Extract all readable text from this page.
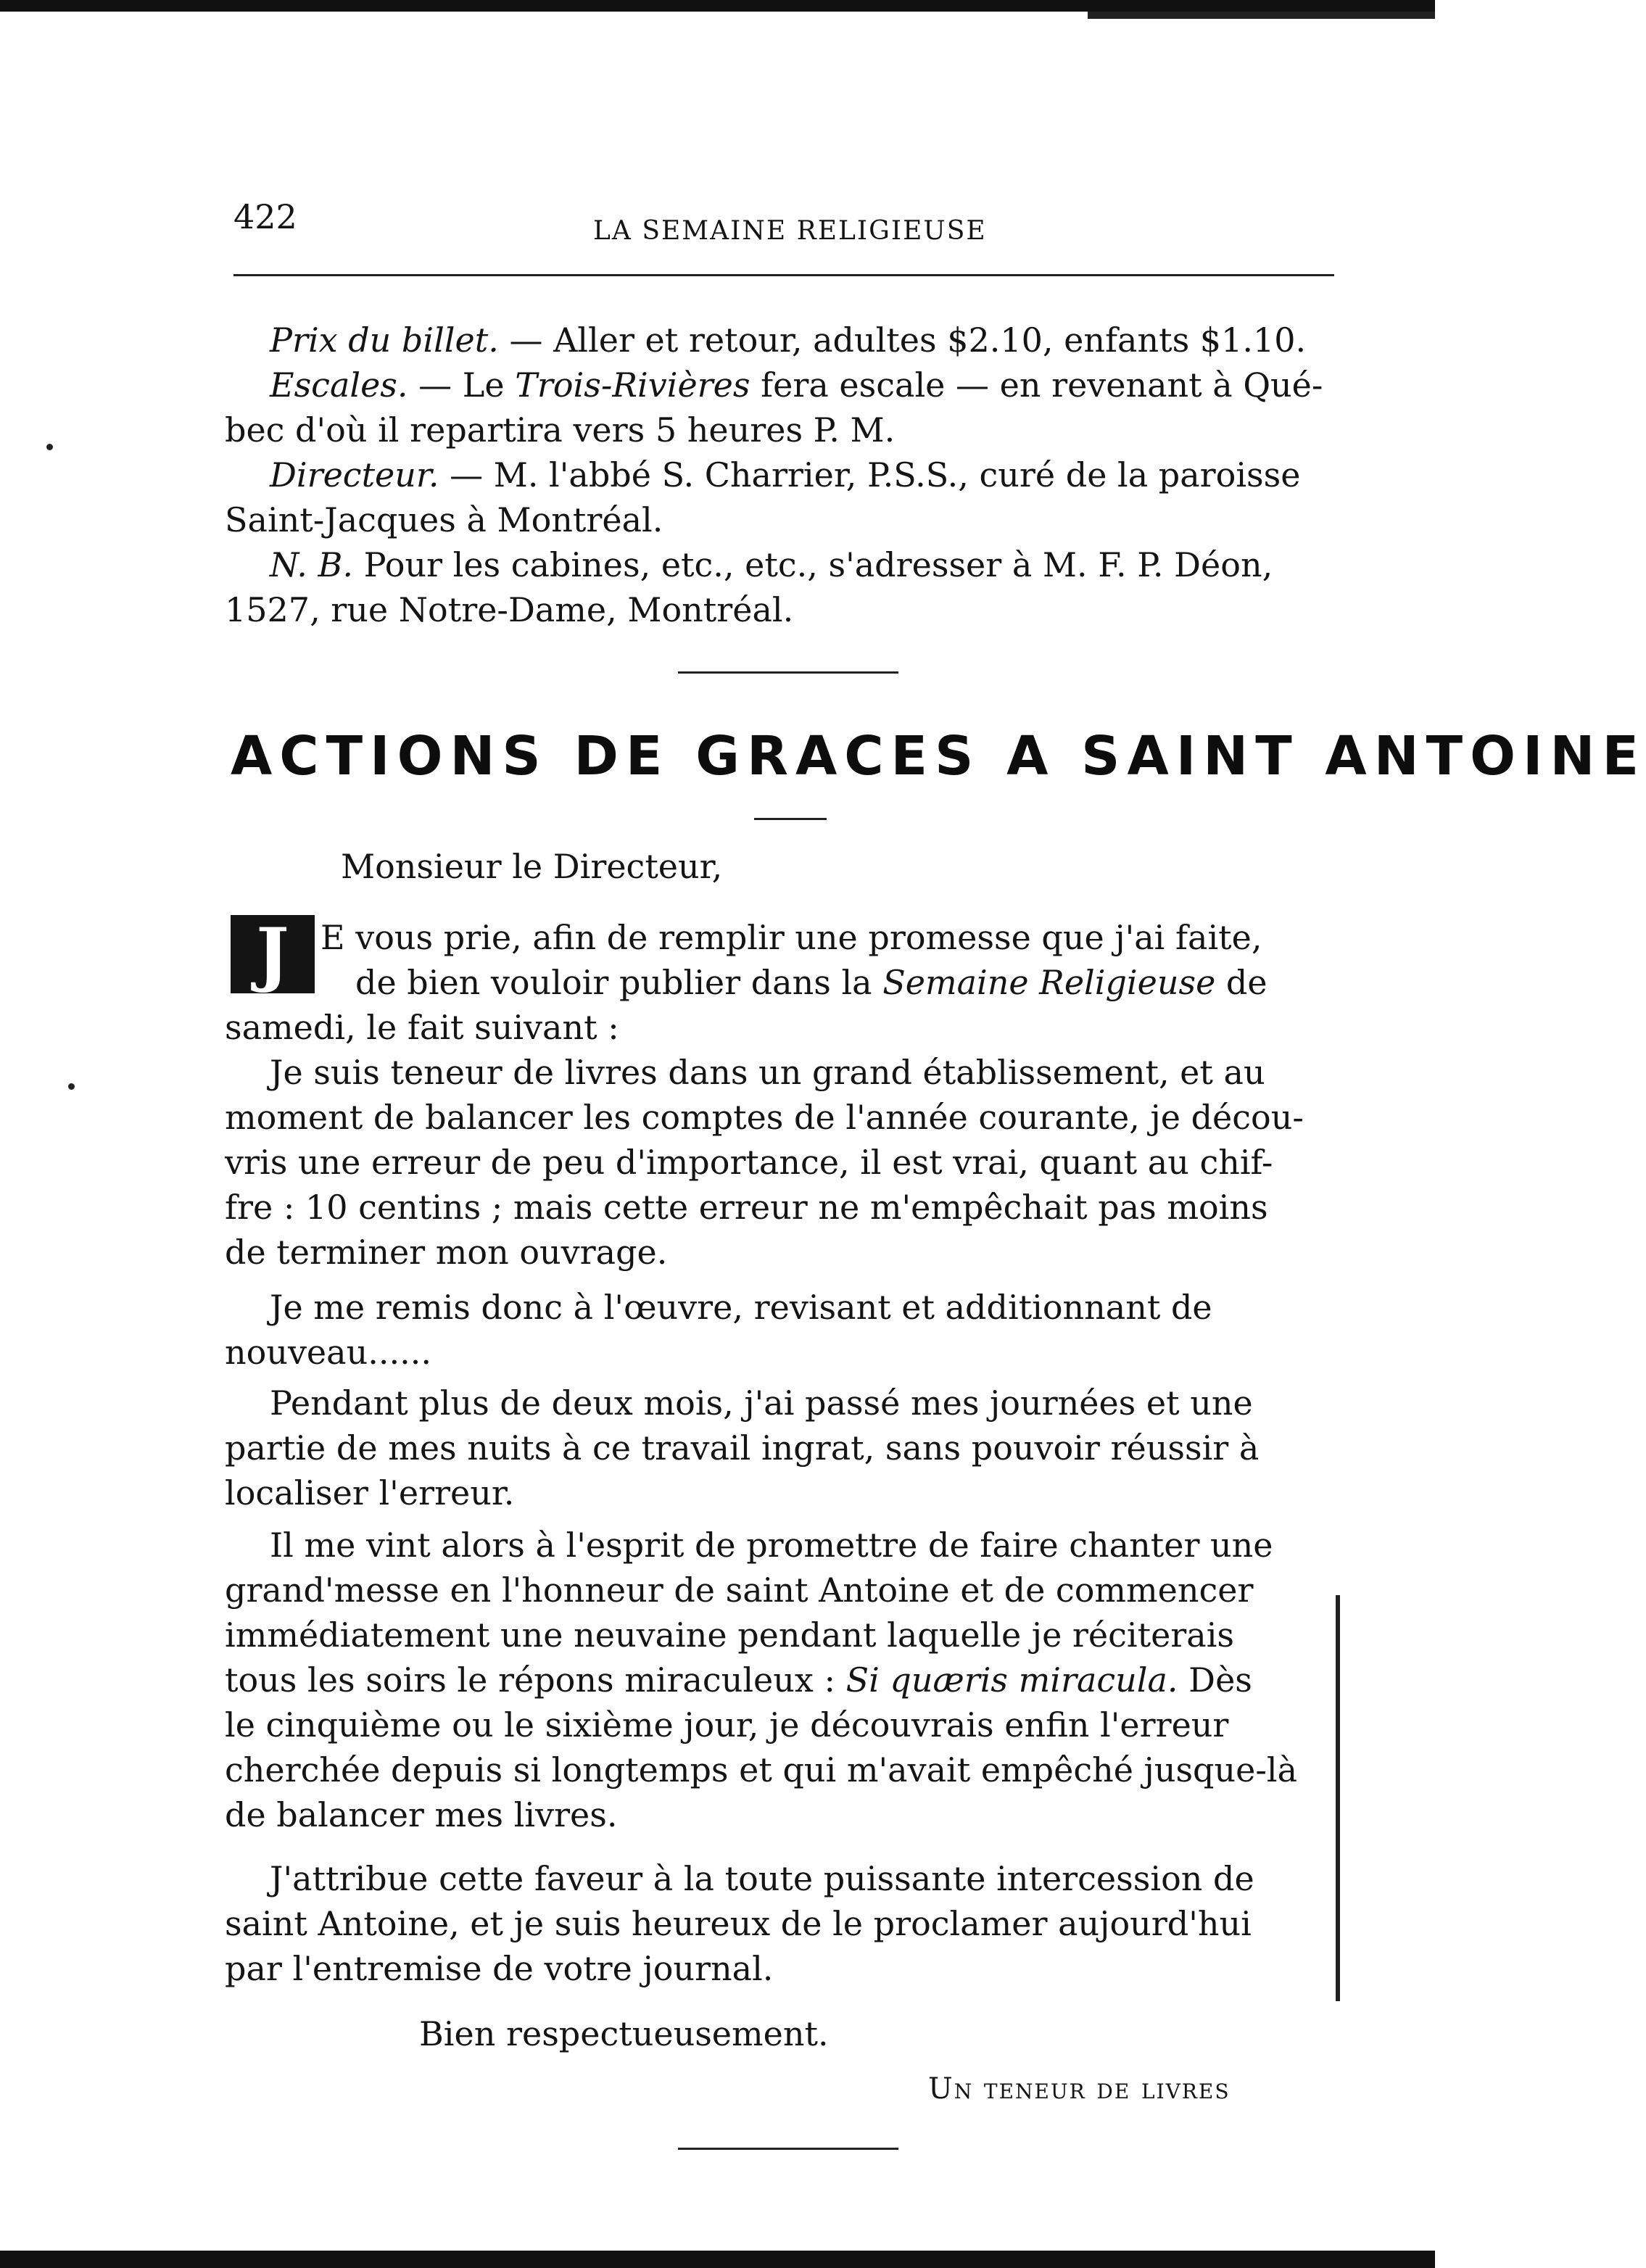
422	LA SEMAINE RELIGIEUSE
Prix du billet. — Aller et retour, adultes $2.10, enfants $1.10.
Escales. — Le Trois-Rivières fera escale — en revenant à Qué-
bec d'où il repartira vers 5 heures P. M.
Directeur. — M. l'abbé S. Charrier, P.S.S., curé de la paroisse
Saint-Jacques à Montréal.
N. B. Pour les cabines, etc., etc., s'adresser à M. F. P. Déon,
1527, rue Notre-Dame, Montréal.
ACTIONS DE GRACES A SAINT ANTOINE
Monsieur le Directeur,
J E vous prie, afin de remplir une promesse que j'ai faite,
de bien vouloir publier dans la Semaine Religieuse de
samedi, le fait suivant :
Je suis teneur de livres dans un grand établissement, et au
moment de balancer les comptes de l'année courante, je décou-
vris une erreur de peu d'importance, il est vrai, quant au chif-
fre : 10 centins ; mais cette erreur ne m'empêchait pas moins
de terminer mon ouvrage.
Je me remis donc à l'œuvre, revisant et additionnant de
nouveau......
Pendant plus de deux mois, j'ai passé mes journées et une
partie de mes nuits à ce travail ingrat, sans pouvoir réussir à
localiser l'erreur.
Il me vint alors à l'esprit de promettre de faire chanter une
grand'messe en l'honneur de saint Antoine et de commencer
immédiatement une neuvaine pendant laquelle je réciterais
tous les soirs le répons miraculeux : Si quæris miracula. Dès
le cinquième ou le sixième jour, je découvrais enfin l'erreur
cherchée depuis si longtemps et qui m'avait empêché jusque-là
de balancer mes livres.
J'attribue cette faveur à la toute puissante intercession de
saint Antoine, et je suis heureux de le proclamer aujourd'hui
par l'entremise de votre journal.
Bien respectueusement.
Un teneur de livres
